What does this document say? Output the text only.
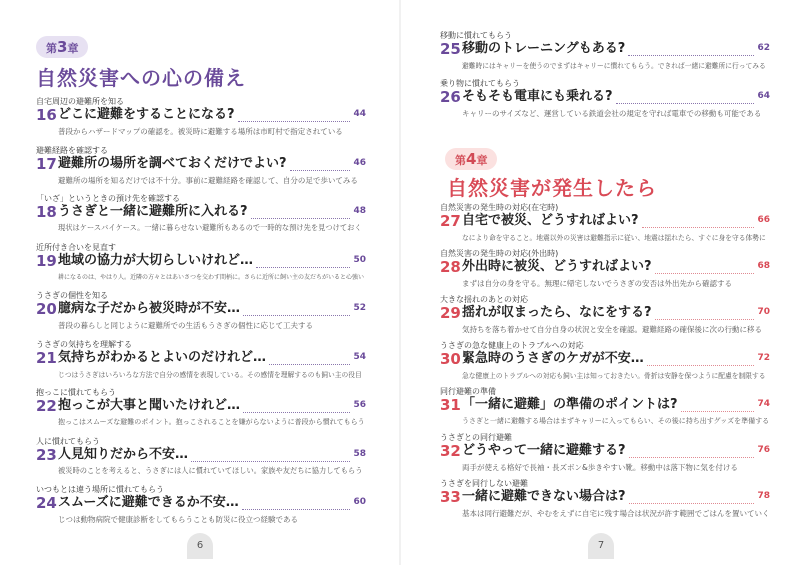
第3章
自然災害への心の備え
自宅周辺の避難所を知る
16 どこに避難をすることになる?	44
普段からハザードマップの確認を。被災時に避難する場所は市町村で指定されている
避難経路を確認する
17 避難所の場所を調べておくだけでよい?	46
避難所の場所を知るだけでは不十分。事前に避難経路を確認して、自分の足で歩いてみる
「いざ」というときの預け先を確認する
18 うさぎと一緒に避難所に入れる?	48
現状はケースバイケース。一緒に暮らせない避難所もあるので一時的な預け先を見つけておく
近所付き合いを見直す
19 地域の協力が大切らしいけれど…	50
耕になるのは、やはり人。近隣の方々とはあいさつを交わす間柄に。さらに近所に飼い主の友だちがいると心強い
うさぎの個性を知る
20 臆病な子だから被災時が不安…	52
普段の暮らしと同じように避難所での生活もうさぎの個性に応じて工夫する
うさぎの気持ちを理解する
21 気持ちがわかるとよいのだけれど…	54
じつはうさぎはいろいろな方法で自分の感情を表現している。その感情を理解するのも飼い主の役目
抱っこに慣れてもらう
22 抱っこが大事と聞いたけれど…	56
抱っこはスムーズな避難のポイント。抱っこされることを嫌がらないように普段から慣れてもらう
人に慣れてもらう
23 人見知りだから不安…	58
被災時のことを考えると、うさぎには人に慣れていてほしい。家族や友だちに協力してもらう
いつもとは違う場所に慣れてもらう
24 スムーズに避難できるか不安…	60
じつは動物病院で健康診断をしてもらうことも防災に役立つ経験である
6
移動に慣れてもらう
25 移動のトレーニングもある?	62
避難時にはキャリーを使うのでまずはキャリーに慣れてもらう。できれば一緒に避難所に行ってみる
乗り物に慣れてもらう
26 そもそも電車にも乗れる?	64
キャリーのサイズなど、運営している鉄道会社の規定を守れば電車での移動も可能である
第4章
自然災害が発生したら
自然災害の発生時の対応(在宅時)
27 自宅で被災、どうすればよい?	66
なにより命を守ること。地震以外の災害は避難指示に従い、地震は揺れたら、すぐに身を守る体勢に
自然災害の発生時の対応(外出時)
28 外出時に被災、どうすればよい?	68
まずは自分の身を守る。無理に帰宅しないでうさぎの安否は外出先から確認する
大きな揺れのあとの対応
29 揺れが収まったら、なにをする?	70
気持ちを落ち着かせて自分自身の状況と安全を確認。避難経路の確保後に次の行動に移る
うさぎの急な健康上のトラブルへの対応
30 緊急時のうさぎのケガが不安…	72
急な健康上のトラブルへの対応も飼い主は知っておきたい。骨折は安静を保つように配慮を制限する
同行避難の準備
31 「一緒に避難」の準備のポイントは?	74
うさぎと一緒に避難する場合はまずキャリーに入ってもらい、その後に持ち出すグッズを準備する
うさぎとの同行避難
32 どうやって一緒に避難する?	76
両手が使える格好で長袖・長ズボン&歩きやすい靴。移動中は落下物に気を付ける
うさぎを同行しない避難
33 一緒に避難できない場合は?	78
基本は同行避難だが、やむをえずに自宅に残す場合は状況が許す範囲でごはんを置いていく
7
